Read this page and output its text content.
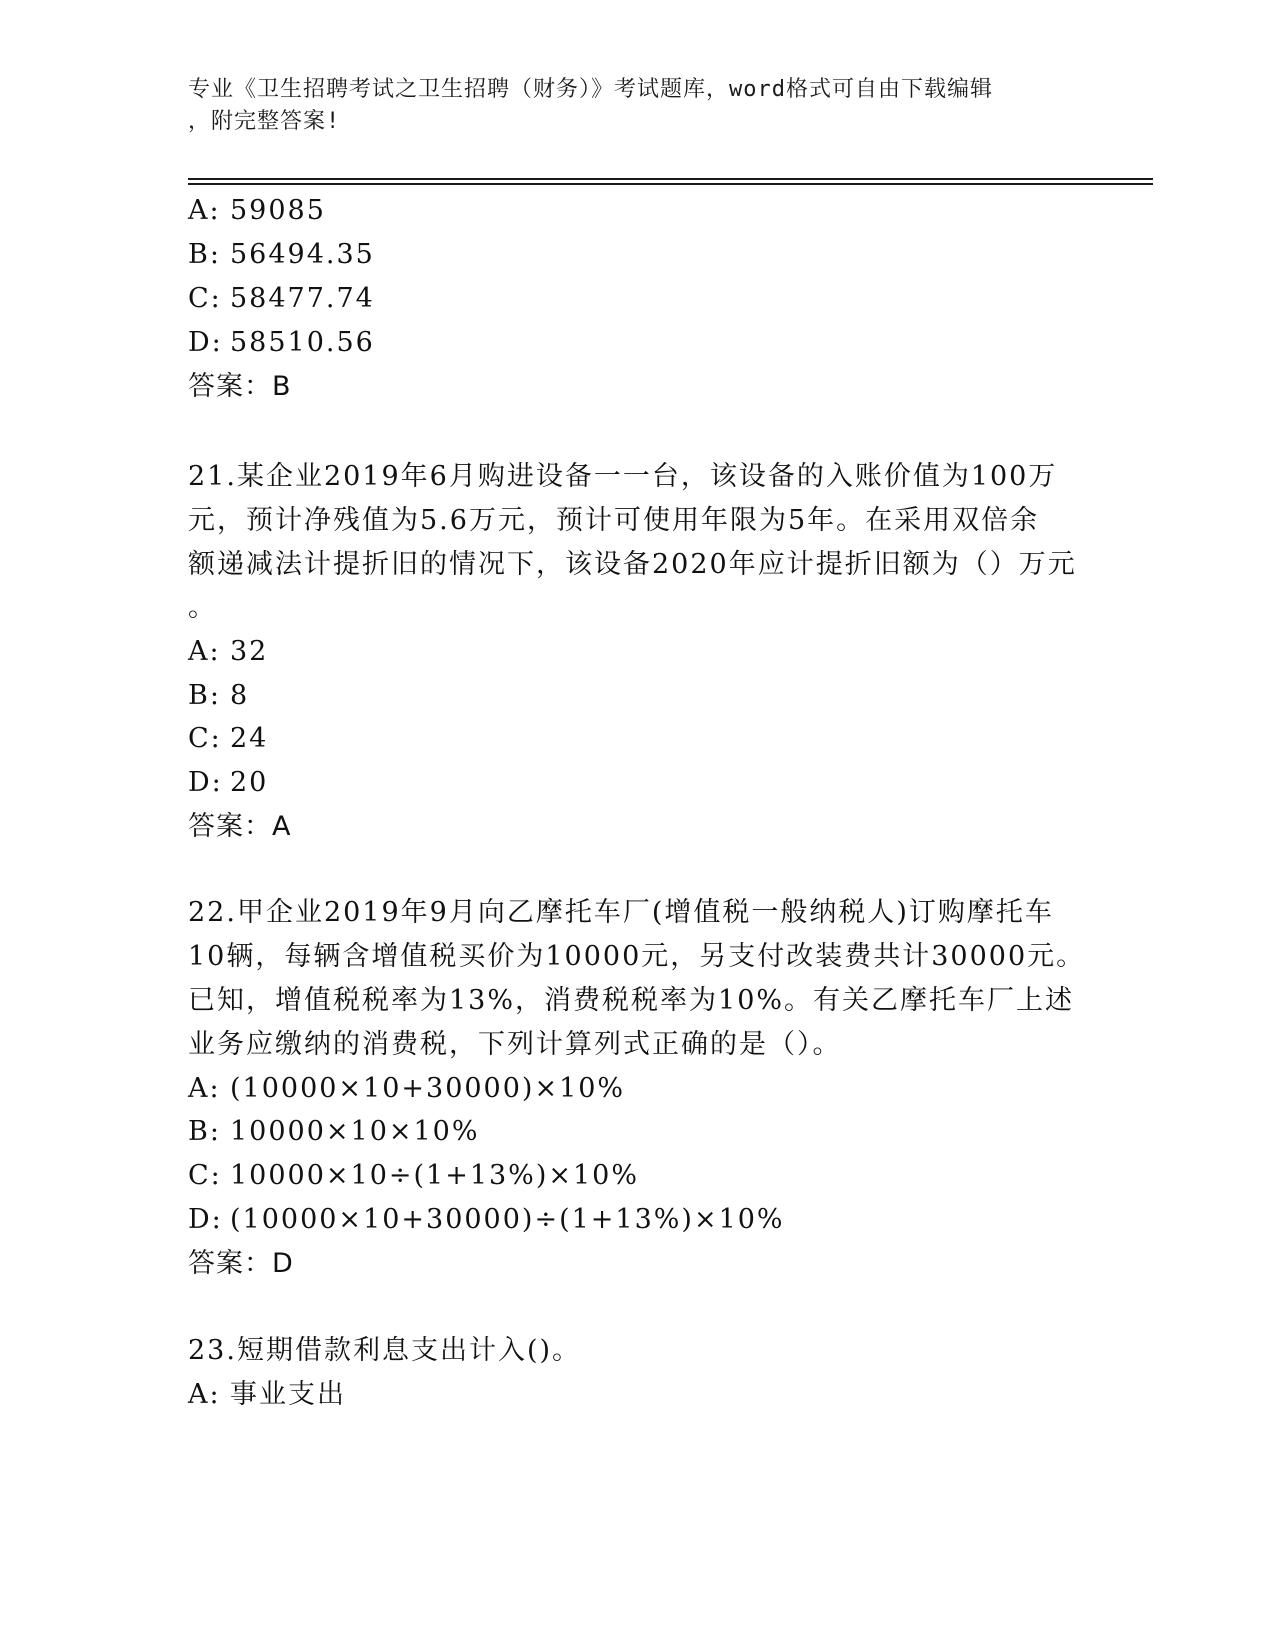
专业《卫生招聘考试之卫生招聘（财务）》考试题库，word格式可自由下载编辑
，附完整答案!
A: 59085
B: 56494.35
C: 58477.74
D: 58510.56
答案：B
21.某企业2019年6月购进设备一一台，该设备的入账价值为100万
元，预计净残值为5.6万元，预计可使用年限为5年。在采用双倍余
额递减法计提折旧的情况下，该设备2020年应计提折旧额为（）万元
。
A: 32
B: 8
C: 24
D: 20
答案：A
22.甲企业2019年9月向乙摩托车厂(增值税一般纳税人)订购摩托车
10辆，每辆含增值税买价为10000元，另支付改装费共计30000元。
已知，增值税税率为13%，消费税税率为10%。有关乙摩托车厂上述
业务应缴纳的消费税，下列计算列式正确的是（）。
A: (10000×10+30000)×10%
B: 10000×10×10%
C: 10000×10÷(1+13%)×10%
D: (10000×10+30000)÷(1+13%)×10%
答案：D
23.短期借款利息支出计入()。
A: 事业支出
